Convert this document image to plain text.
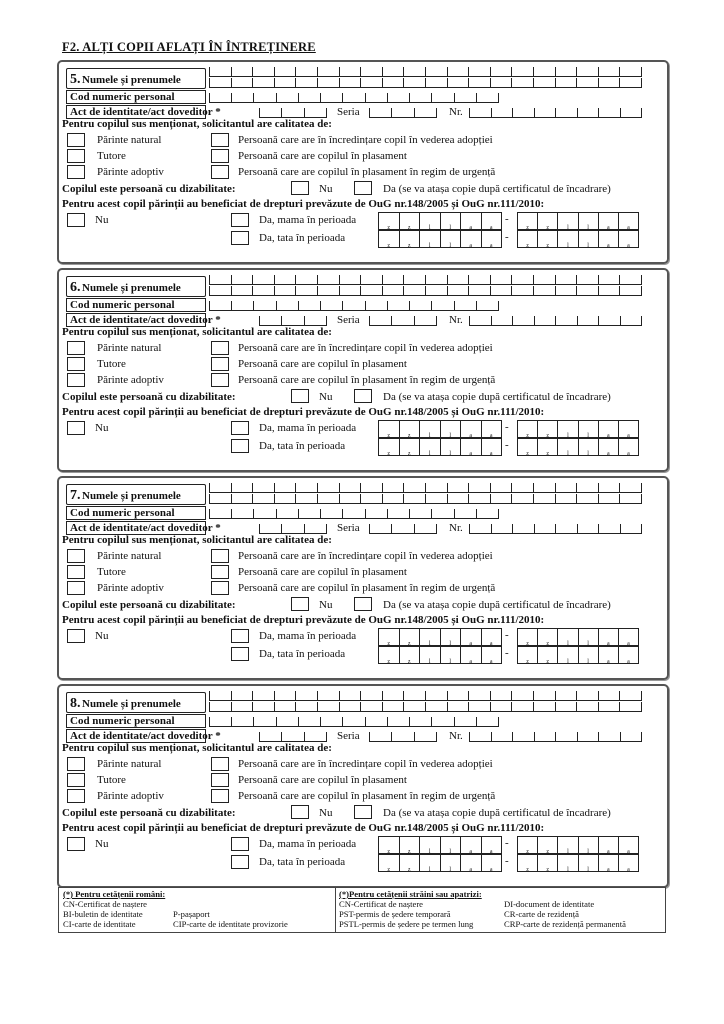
F2. ALȚI COPII AFLAȚI ÎN ÎNTREȚINERE
5. Numele și prenumele
Cod numeric personal
Act de identitate/act doveditor *	Seria	Nr.
Pentru copilul sus menționat, solicitantul are calitatea de:
Părinte natural
Tutore
Părinte adoptiv
Persoană care are în încredințare copil în vederea adopției
Persoană care are copilul în plasament
Persoană care are copilul în plasament în regim de urgență
Copilul este persoană cu dizabilitate:	Nu	Da (se va atașa copie după certificatul de încadrare)
Pentru acest copil părinții au beneficiat de drepturi prevăzute de OuG nr.148/2005 și OuG nr.111/2010:
Nu	Da, mama în perioada
z	z	l	l	a	a
-
z	z	l	l	a	a
Da, tata în perioada
z	z	l	l	a	a
-
z	z	l	l	a	a
6. Numele și prenumele
Cod numeric personal
Act de identitate/act doveditor *	Seria	Nr.
Pentru copilul sus menționat, solicitantul are calitatea de:
Părinte natural
Tutore
Părinte adoptiv
Persoană care are în încredințare copil în vederea adopției
Persoană care are copilul în plasament
Persoană care are copilul în plasament în regim de urgență
Copilul este persoană cu dizabilitate:	Nu	Da (se va atașa copie după certificatul de încadrare)
Pentru acest copil părinții au beneficiat de drepturi prevăzute de OuG nr.148/2005 și OuG nr.111/2010:
Nu	Da, mama în perioada
z	z	l	l	a	a
-
z	z	l	l	a	a
Da, tata în perioada
z	z	l	l	a	a
-
z	z	l	l	a	a
7. Numele și prenumele
Cod numeric personal
Act de identitate/act doveditor *	Seria	Nr.
Pentru copilul sus menționat, solicitantul are calitatea de:
Părinte natural
Tutore
Părinte adoptiv
Persoană care are în încredințare copil în vederea adopției
Persoană care are copilul în plasament
Persoană care are copilul în plasament în regim de urgență
Copilul este persoană cu dizabilitate:	Nu	Da (se va atașa copie după certificatul de încadrare)
Pentru acest copil părinții au beneficiat de drepturi prevăzute de OuG nr.148/2005 și OuG nr.111/2010:
Nu	Da, mama în perioada
z	z	l	l	a	a
-
z	z	l	l	a	a
Da, tata în perioada
z	z	l	l	a	a
-
z	z	l	l	a	a
8. Numele și prenumele
Cod numeric personal
Act de identitate/act doveditor *	Seria	Nr.
Pentru copilul sus menționat, solicitantul are calitatea de:
Părinte natural
Tutore
Părinte adoptiv
Persoană care are în încredințare copil în vederea adopției
Persoană care are copilul în plasament
Persoană care are copilul în plasament în regim de urgență
Copilul este persoană cu dizabilitate:	Nu	Da (se va atașa copie după certificatul de încadrare)
Pentru acest copil părinții au beneficiat de drepturi prevăzute de OuG nr.148/2005 și OuG nr.111/2010:
Nu	Da, mama în perioada
z	z	l	l	a	a
-
z	z	l	l	a	a
Da, tata în perioada
z	z	l	l	a	a
-
z	z	l	l	a	a
(*) Pentru cetățenii români:
CN-Certificat de naștere
BI-buletin de identitate
CI-carte de identitate
P-pașaport
CIP-carte de identitate provizorie
(*)Pentru cetățenii străini sau apatrizi:
CN-Certificat de naștere
PST-permis de ședere temporară
PSTL-permis de ședere pe termen lung
DI-document de identitate
CR-carte de rezidență
CRP-carte de rezidență permanentă
